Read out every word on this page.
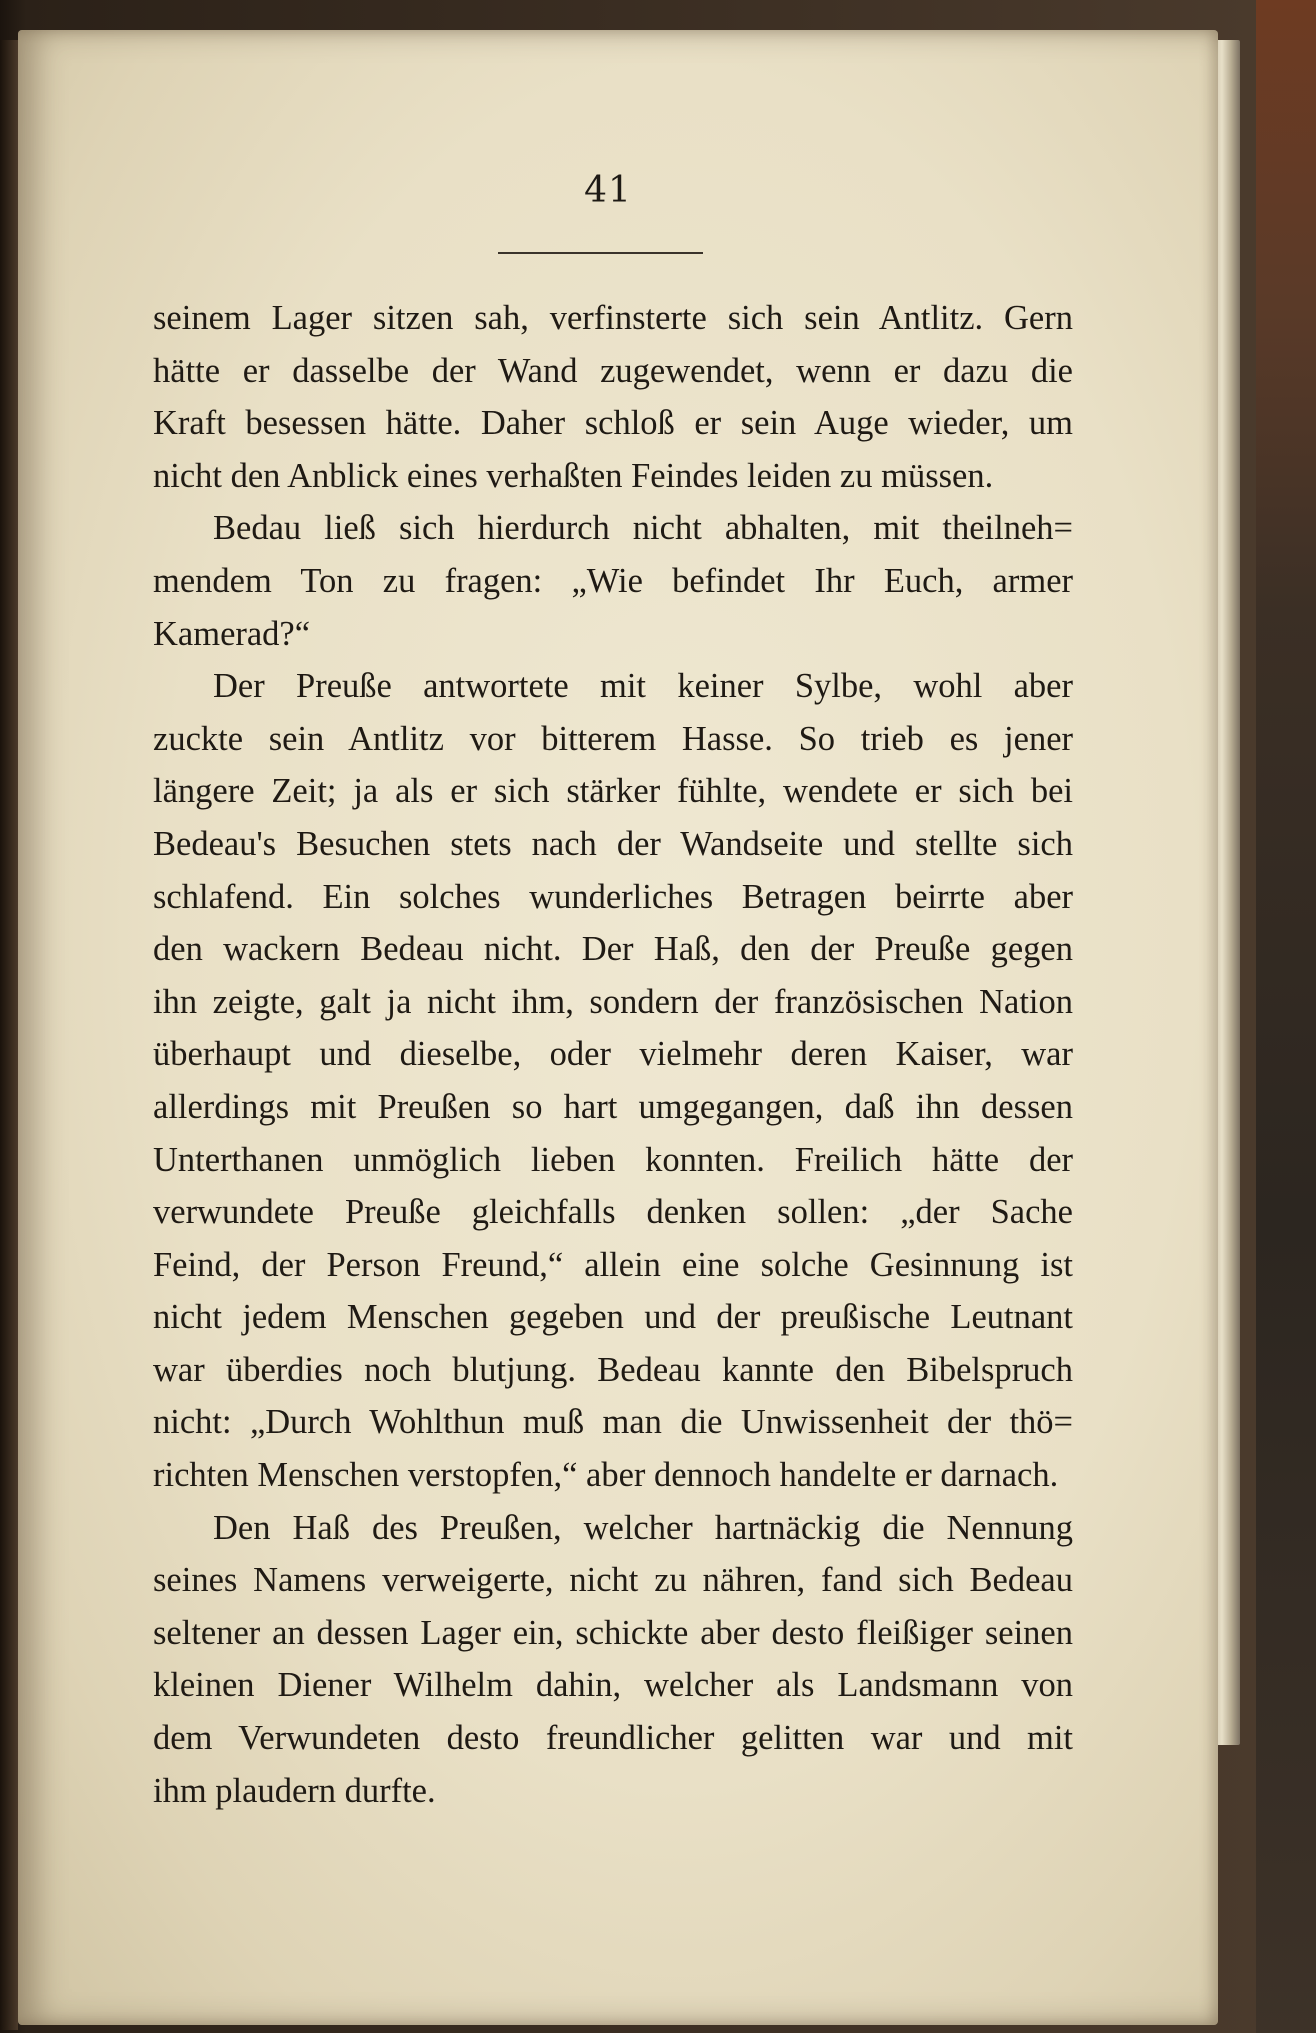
41
seinem Lager sitzen sah, verfinsterte sich sein Antlitz. Gern
hätte er dasselbe der Wand zugewendet, wenn er dazu die
Kraft besessen hätte. Daher schloß er sein Auge wieder, um
nicht den Anblick eines verhaßten Feindes leiden zu müssen.
Bedau ließ sich hierdurch nicht abhalten, mit theilneh=
mendem Ton zu fragen: „Wie befindet Ihr Euch, armer
Kamerad?“
Der Preuße antwortete mit keiner Sylbe, wohl aber
zuckte sein Antlitz vor bitterem Hasse. So trieb es jener
längere Zeit; ja als er sich stärker fühlte, wendete er sich bei
Bedeau's Besuchen stets nach der Wandseite und stellte sich
schlafend. Ein solches wunderliches Betragen beirrte aber
den wackern Bedeau nicht. Der Haß, den der Preuße gegen
ihn zeigte, galt ja nicht ihm, sondern der französischen Nation
überhaupt und dieselbe, oder vielmehr deren Kaiser, war
allerdings mit Preußen so hart umgegangen, daß ihn dessen
Unterthanen unmöglich lieben konnten. Freilich hätte der
verwundete Preuße gleichfalls denken sollen: „der Sache
Feind, der Person Freund,“ allein eine solche Gesinnung ist
nicht jedem Menschen gegeben und der preußische Leutnant
war überdies noch blutjung. Bedeau kannte den Bibelspruch
nicht: „Durch Wohlthun muß man die Unwissenheit der thö=
richten Menschen verstopfen,“ aber dennoch handelte er darnach.
Den Haß des Preußen, welcher hartnäckig die Nennung
seines Namens verweigerte, nicht zu nähren, fand sich Bedeau
seltener an dessen Lager ein, schickte aber desto fleißiger seinen
kleinen Diener Wilhelm dahin, welcher als Landsmann von
dem Verwundeten desto freundlicher gelitten war und mit
ihm plaudern durfte.
